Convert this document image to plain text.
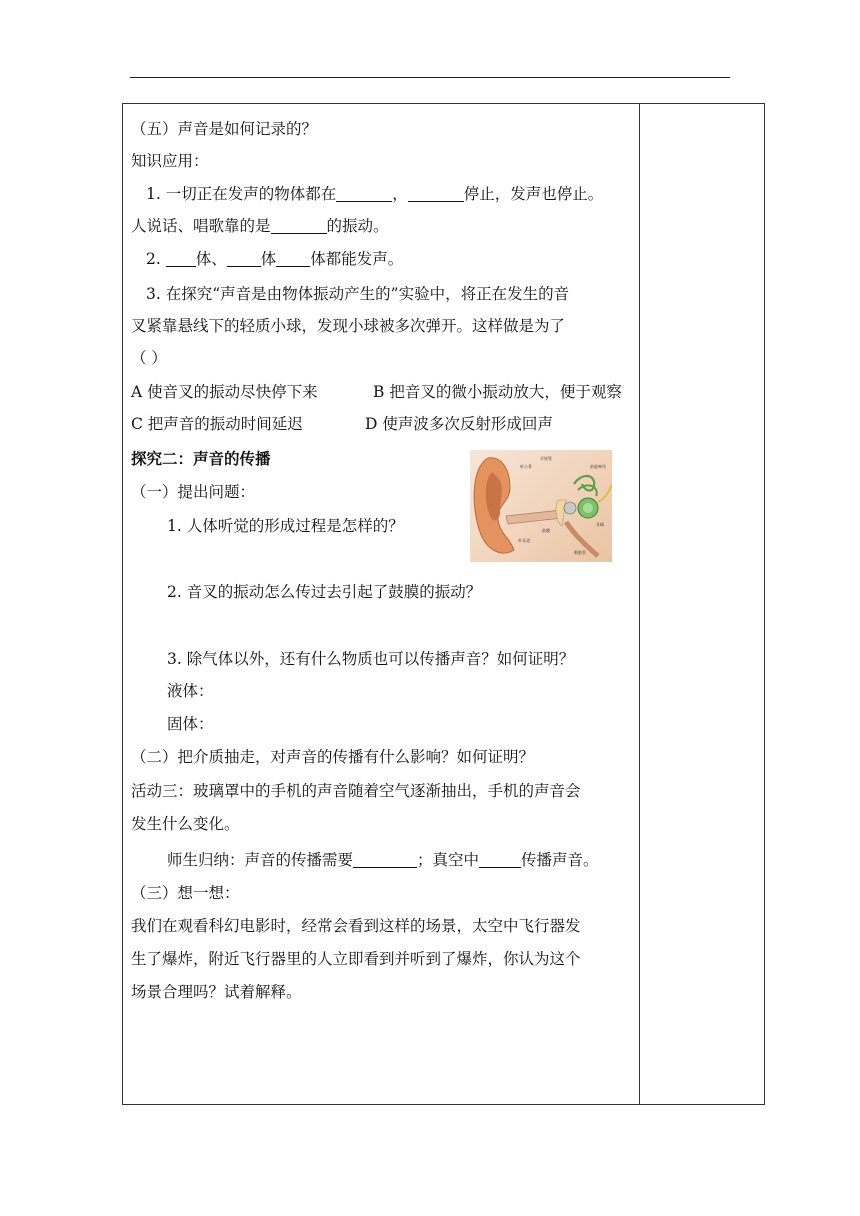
（五）声音是如何记录的？
知识应用：
1. 一切正在发声的物体都在	，	停止，发声也停止。
人说话、唱歌靠的是	的振动。
2. 体、 体 体都能发声。
3. 在探究“声音是由物体振动产生的”实验中，将正在发生的音
叉紧靠悬线下的轻质小球，发现小球被多次弹开。这样做是为了
（ ）
A 使音叉的振动尽快停下来	B 把音叉的微小振动放大，便于观察
C 把声音的振动时间延迟	D 使声波多次反射形成回声
探究二：声音的传播
（一）提出问题：
1. 人体听觉的形成过程是怎样的？
半规管
听小骨	前庭神经
耳蜗
鼓膜
外耳道
咽鼓管
2. 音叉的振动怎么传过去引起了鼓膜的振动？
3. 除气体以外，还有什么物质也可以传播声音？如何证明？
液体：
固体：
（二）把介质抽走，对声音的传播有什么影响？如何证明？
活动三：玻璃罩中的手机的声音随着空气逐渐抽出，手机的声音会
发生什么变化。
师生归纳：声音的传播需要	；真空中	传播声音。
（三）想一想：
我们在观看科幻电影时，经常会看到这样的场景，太空中飞行器发
生了爆炸，附近飞行器里的人立即看到并听到了爆炸，你认为这个
场景合理吗？试着解释。
